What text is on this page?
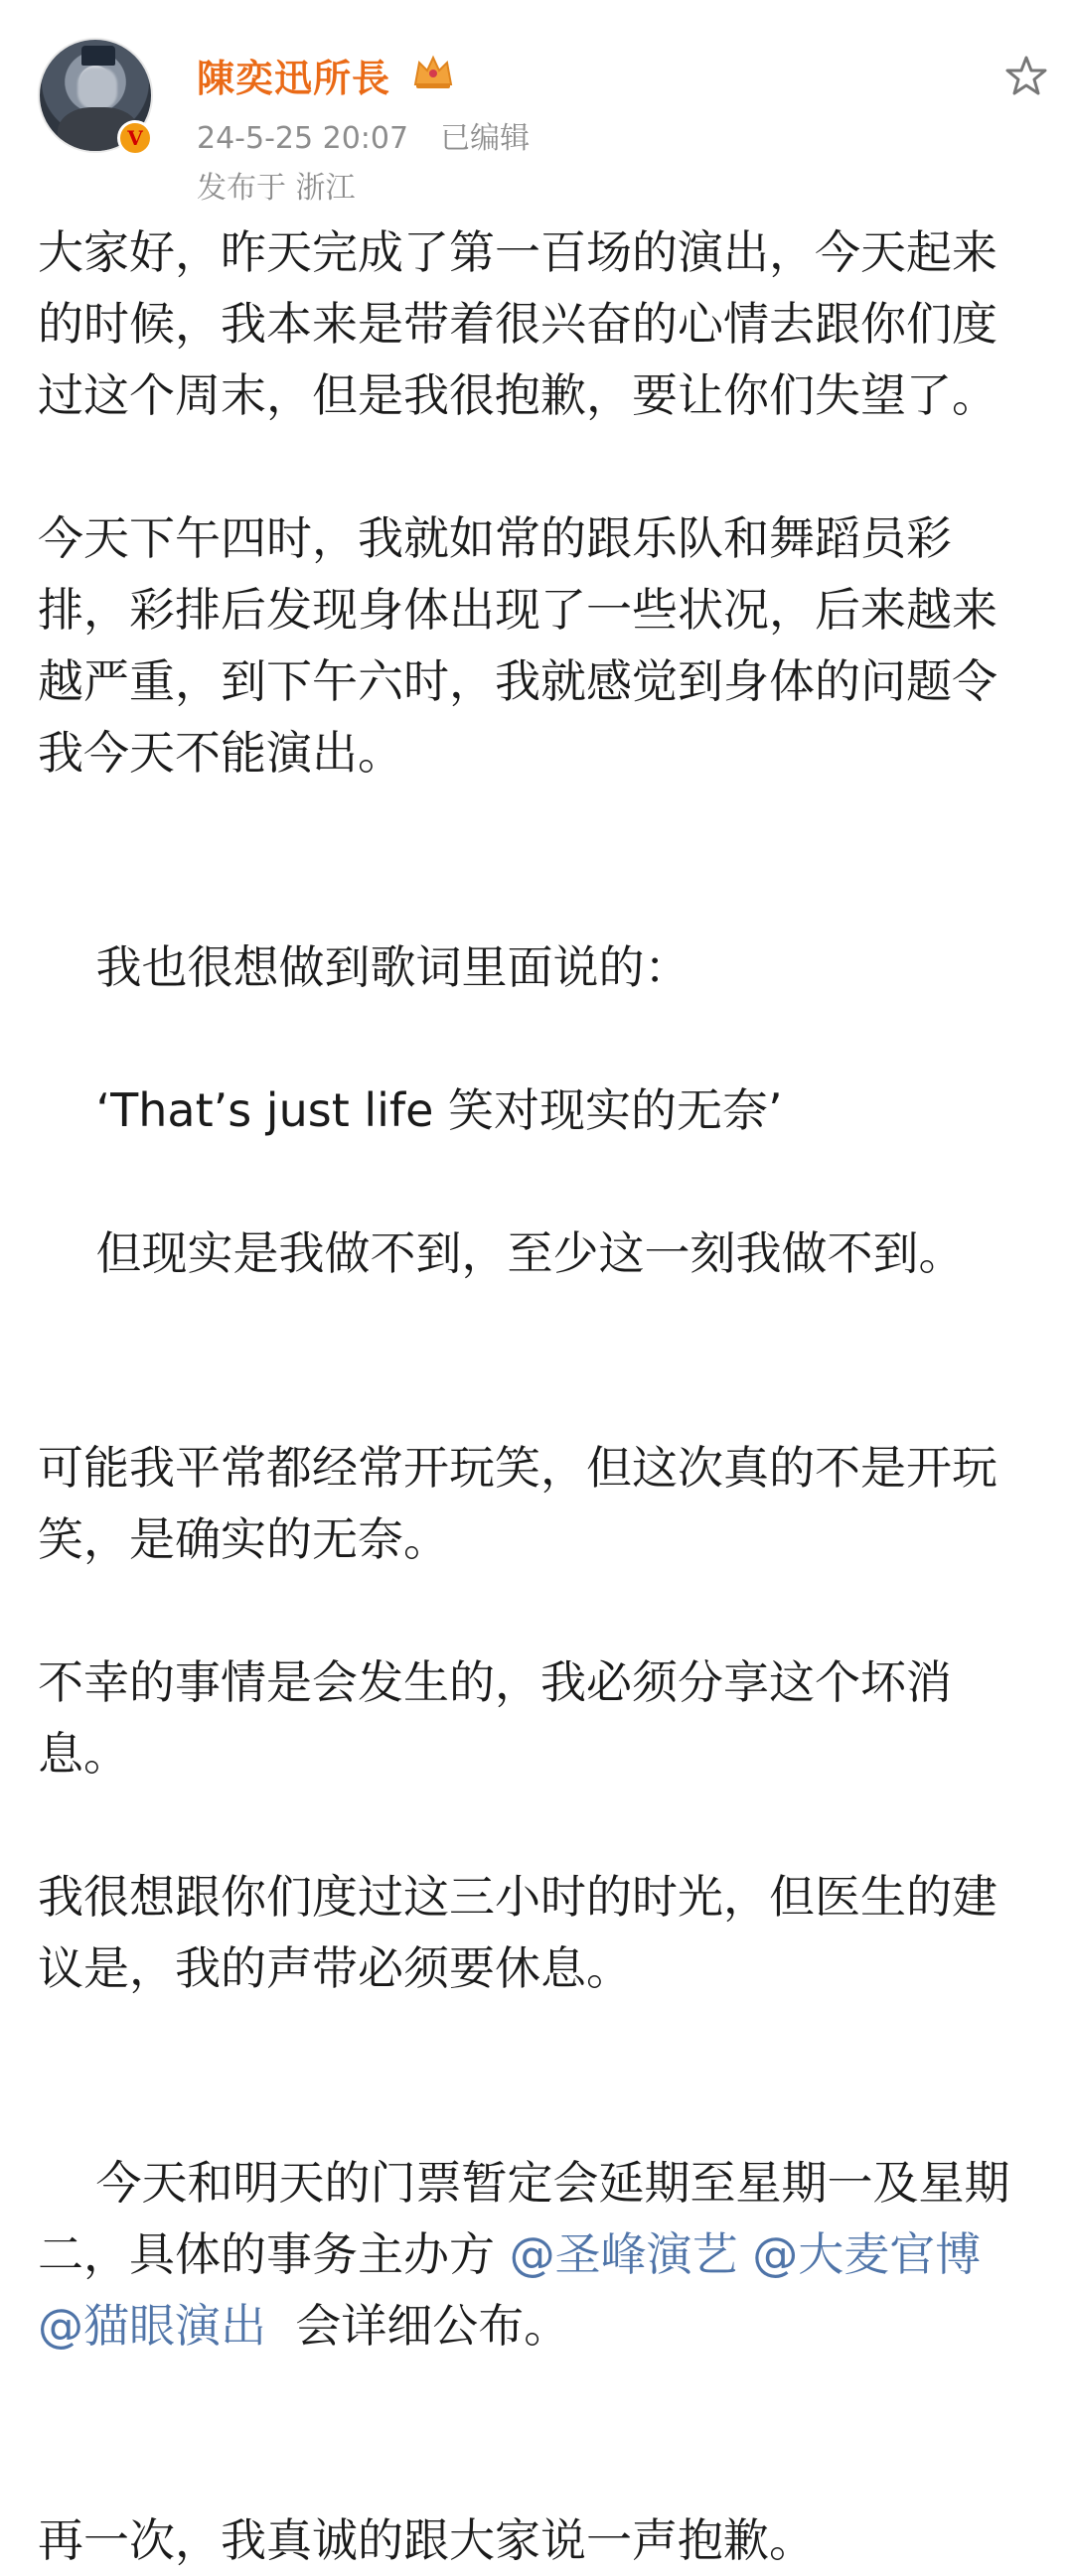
V
陳奕迅所長
24-5-25 20:07 已编辑
发布于 浙江

大家好，昨天完成了第一百场的演出，今天起来的时候，我本来是带着很兴奋的心情去跟你们度过这个周末，但是我很抱歉，要让你们失望了。

今天下午四时，我就如常的跟乐队和舞蹈员彩排，彩排后发现身体出现了一些状况，后来越来越严重，到下午六时，我就感觉到身体的问题令我今天不能演出。

我也很想做到歌词里面说的：

‘That’s just life 笑对现实的无奈’

但现实是我做不到，至少这一刻我做不到。

可能我平常都经常开玩笑，但这次真的不是开玩笑，是确实的无奈。

不幸的事情是会发生的，我必须分享这个坏消息。

我很想跟你们度过这三小时的时光，但医生的建议是，我的声带必须要休息。

今天和明天的门票暂定会延期至星期一及星期二，具体的事务主办方 @圣峰演艺 @大麦官博 @猫眼演出  会详细公布。

再一次，我真诚的跟大家说一声抱歉。
